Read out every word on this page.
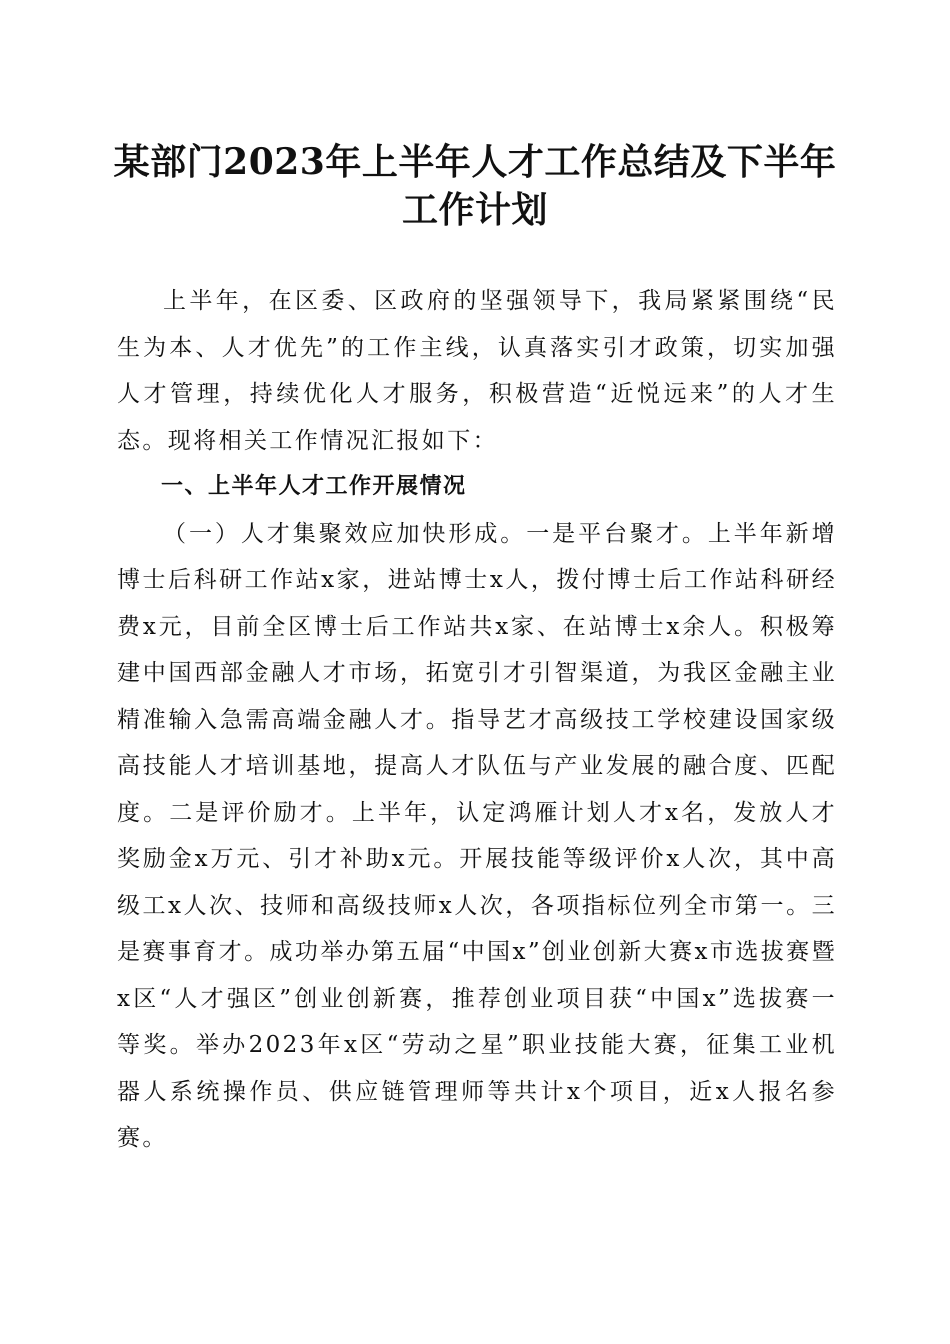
某部门2023年上半年人才工作总结及下半年
工作计划

上半年，在区委、区政府的坚强领导下，我局紧紧围绕“民生为本、人才优先”的工作主线，认真落实引才政策，切实加强人才管理，持续优化人才服务，积极营造“近悦远来”的人才生态。现将相关工作情况汇报如下：

一、上半年人才工作开展情况

（一）人才集聚效应加快形成。一是平台聚才。上半年新增博士后科研工作站x家，进站博士x人，拨付博士后工作站科研经费x元，目前全区博士后工作站共x家、在站博士x余人。积极筹建中国西部金融人才市场，拓宽引才引智渠道，为我区金融主业精准输入急需高端金融人才。指导艺才高级技工学校建设国家级高技能人才培训基地，提高人才队伍与产业发展的融合度、匹配度。二是评价励才。上半年，认定鸿雁计划人才x名，发放人才奖励金x万元、引才补助x元。开展技能等级评价x人次，其中高级工x人次、技师和高级技师x人次，各项指标位列全市第一。三是赛事育才。成功举办第五届“中国x”创业创新大赛x市选拔赛暨x区“人才强区”创业创新赛，推荐创业项目获“中国x”选拔赛一等奖。举办2023年x区“劳动之星”职业技能大赛，征集工业机器人系统操作员、供应链管理师等共计x个项目，近x人报名参赛。
